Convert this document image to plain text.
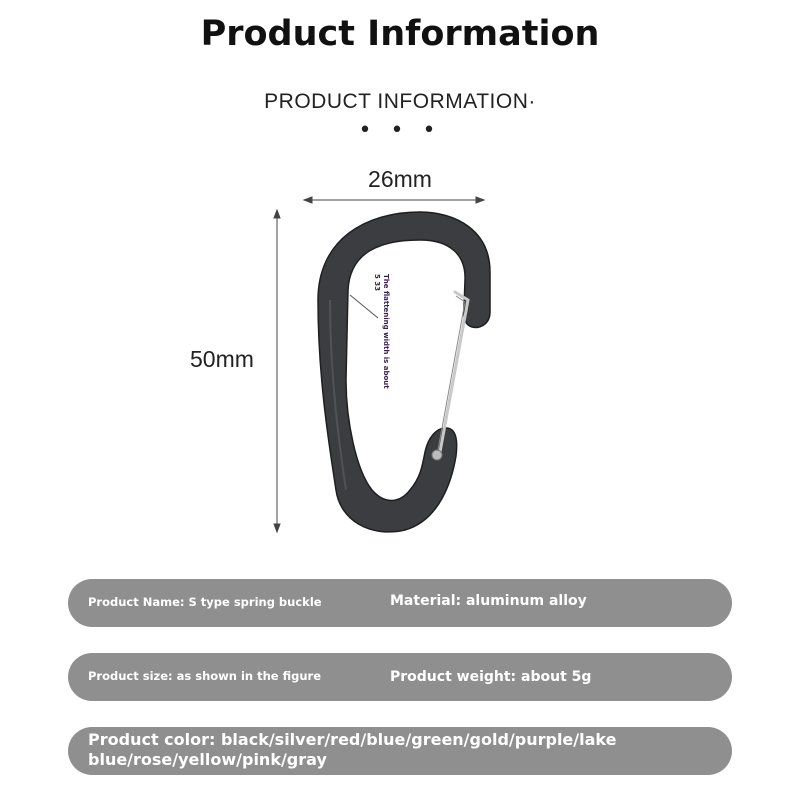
Product Information
PRODUCT INFORMATION·
• • •
26mm
50mm	The flattening width is about 5 33
Product Name: S type spring buckle	Material: aluminum alloy
Product size: as shown in the figure	Product weight: about 5g
Product color: black/silver/red/blue/green/gold/purple/lake
blue/rose/yellow/pink/gray
